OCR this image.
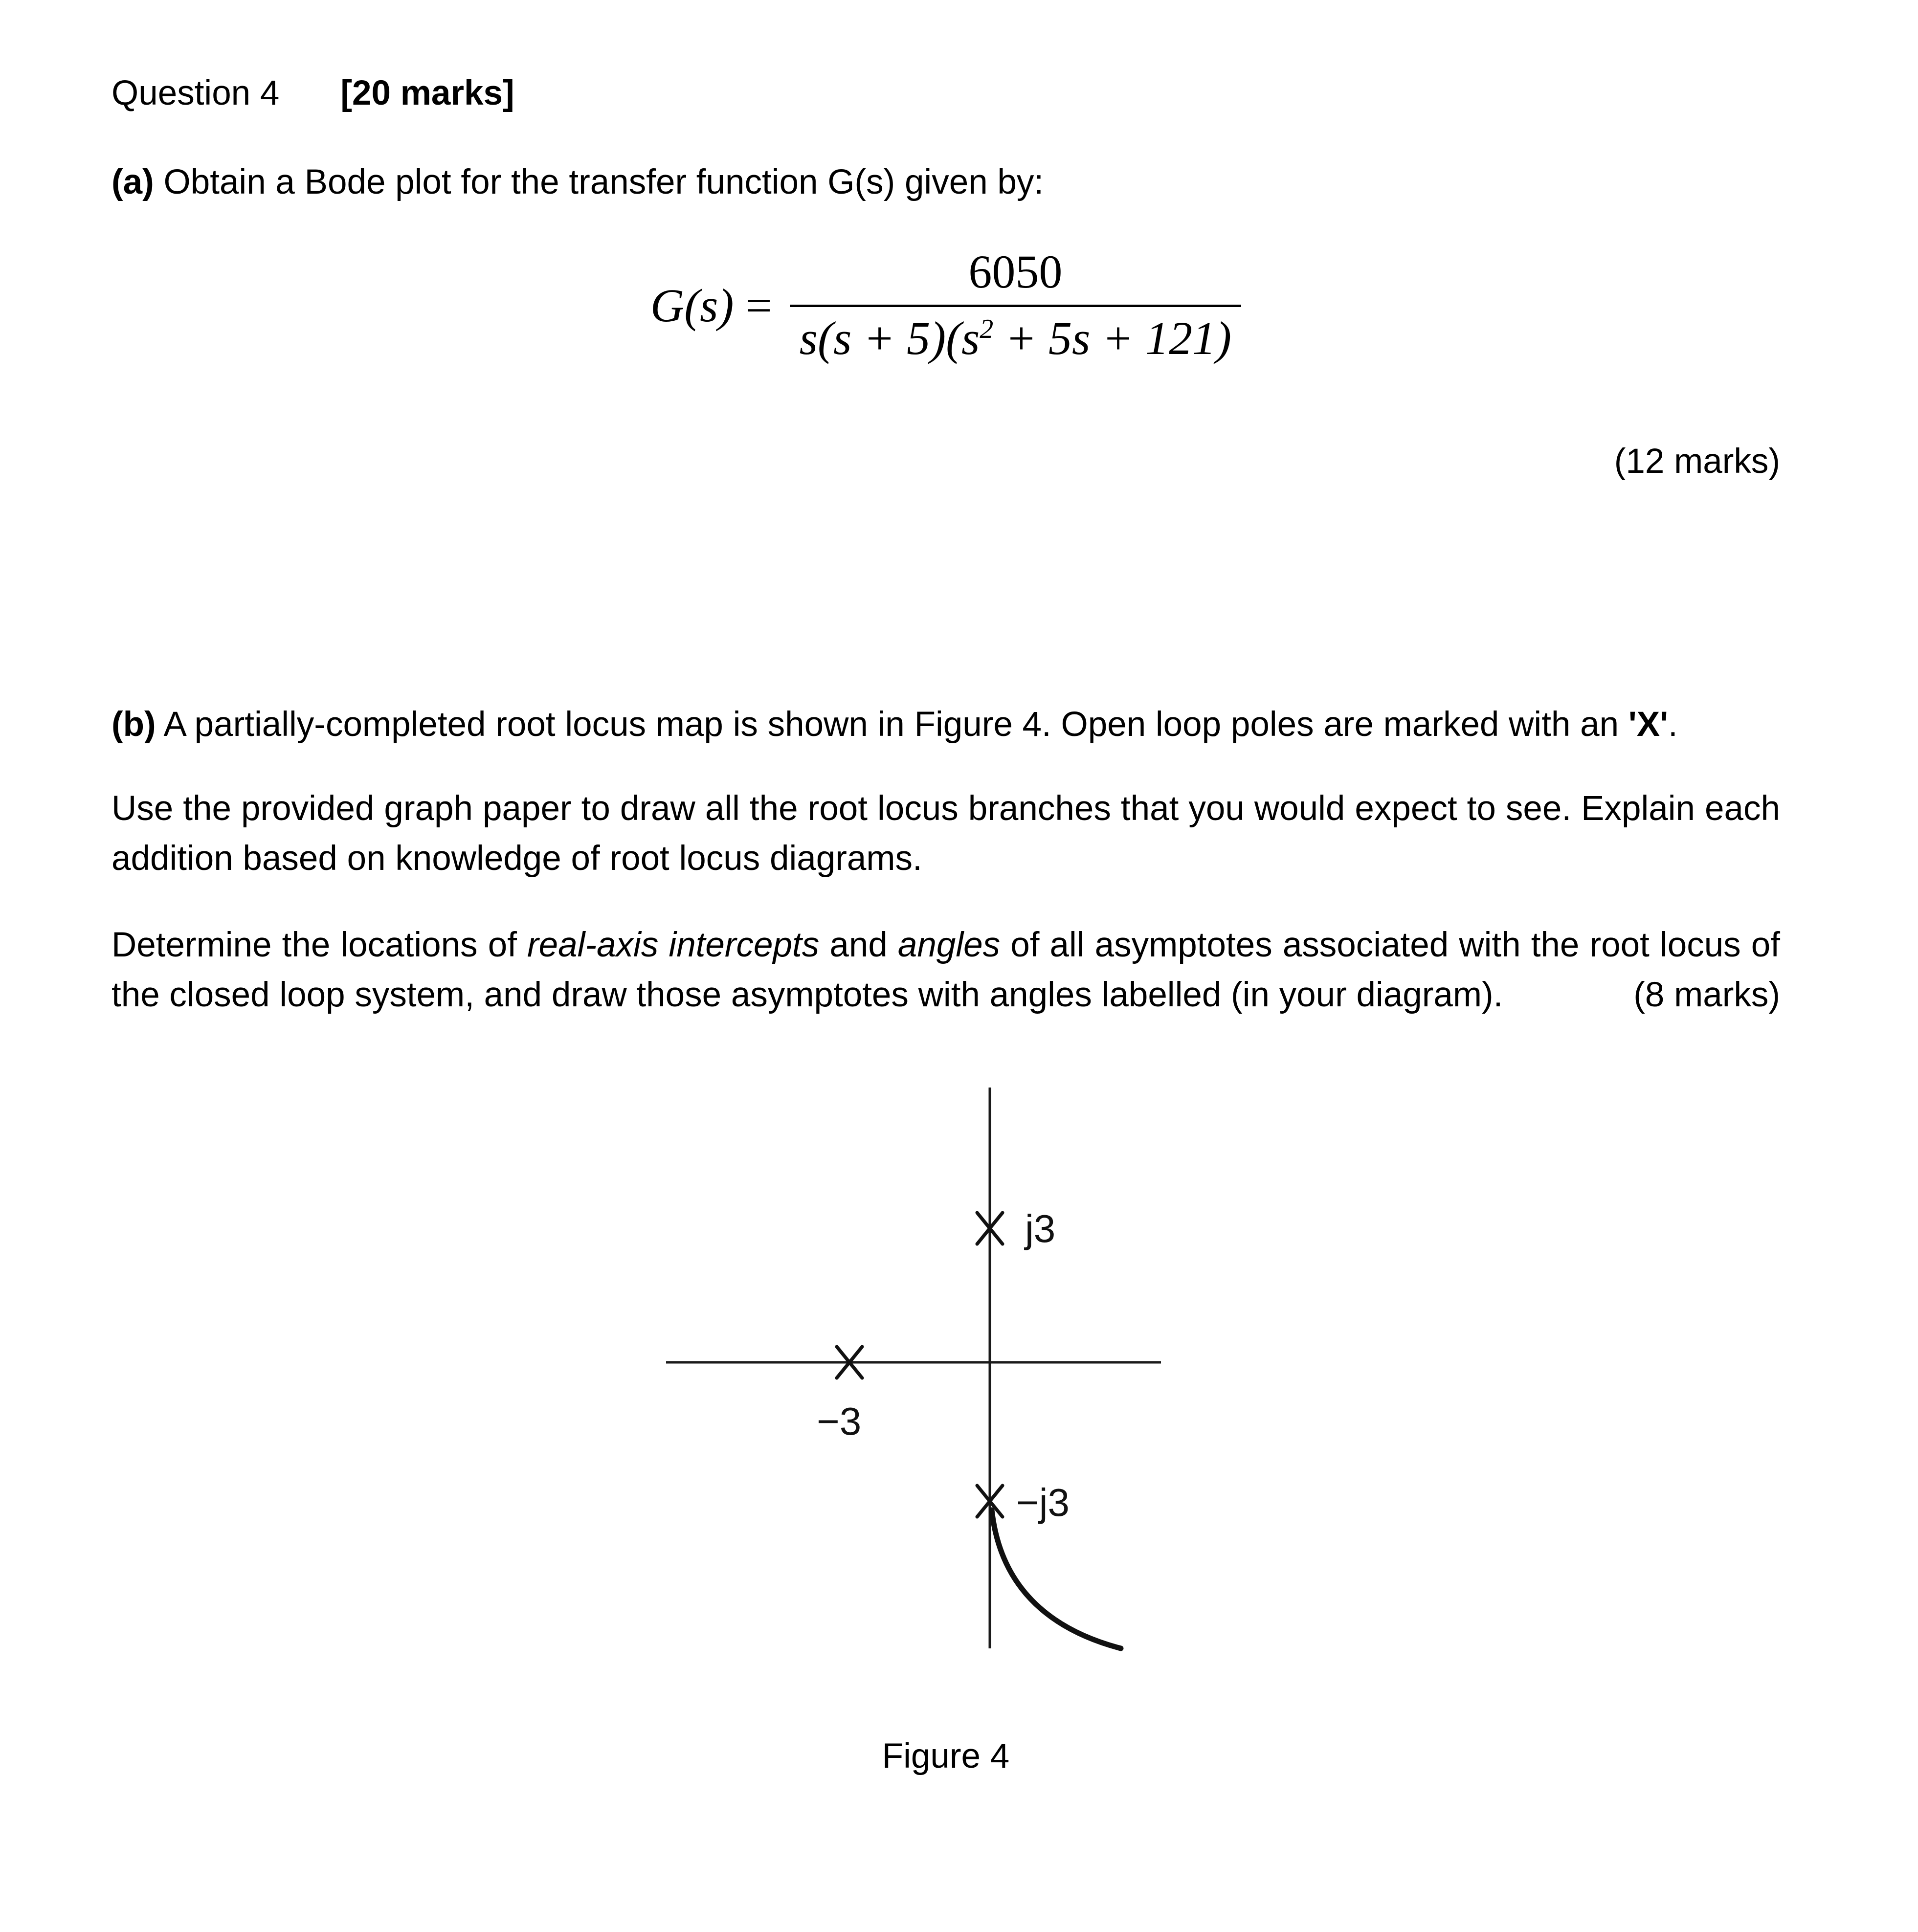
Question 4 [20 marks]

(a) Obtain a Bode plot for the transfer function G(s) given by:

$G(s) = \frac{6050}{s(s + 5)(s^2 + 5s + 121)}$

(12 marks)

(b) A partially-completed root locus map is shown in Figure 4. Open loop poles are marked with an 'X'.

Use the provided graph paper to draw all the root locus branches that you would expect to see. Explain each addition based on knowledge of root locus diagrams.

Determine the locations of real-axis intercepts and angles of all asymptotes associated with the root locus of the closed loop system, and draw those asymptotes with angles labelled (in your diagram).	(8 marks)

j3
−3
−j3
Figure 4
